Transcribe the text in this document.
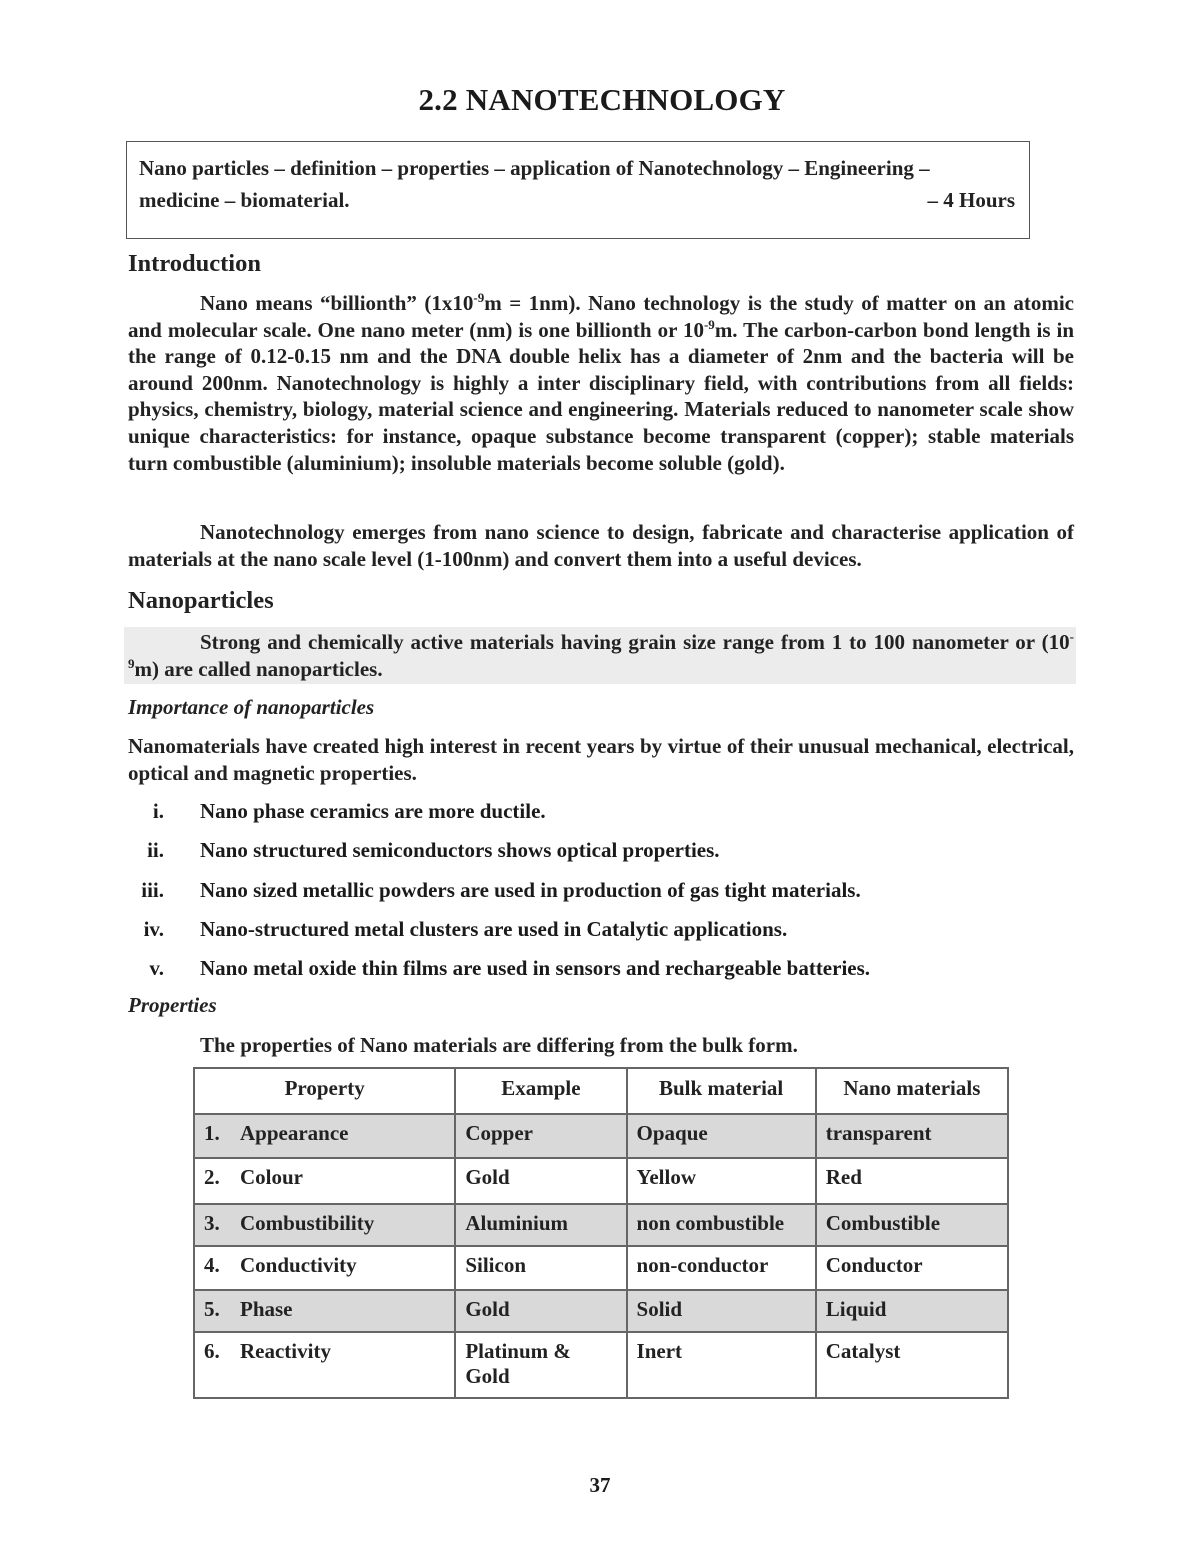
2.2 NANOTECHNOLOGY
Nano particles – definition – properties – application of Nanotechnology – Engineering – medicine – biomaterial.	– 4 Hours
Introduction

Nano means “billionth” $(1x10^{-9}m = 1nm)$. Nano technology is the study of matter on an atomic and molecular scale. One nano meter (nm) is one billionth or $10^{-9}m$. The carbon-carbon bond length is in the range of 0.12-0.15 nm and the DNA double helix has a diameter of 2nm and the bacteria will be around 200nm. Nanotechnology is highly a inter disciplinary field, with contributions from all fields: physics, chemistry, biology, material science and engineering. Materials reduced to nanometer scale show unique characteristics: for instance, opaque substance become transparent (copper); stable materials turn combustible (aluminium); insoluble materials become soluble (gold).

Nanotechnology emerges from nano science to design, fabricate and characterise application of materials at the nano scale level (1-100nm) and convert them into a useful devices.

Nanoparticles

Strong and chemically active materials having grain size range from 1 to 100 nanometer or $(10^{-9}m)$ are called nanoparticles.

Importance of nanoparticles

Nanomaterials have created high interest in recent years by virtue of their unusual mechanical, electrical, optical and magnetic properties.

i. Nano phase ceramics are more ductile.
ii. Nano structured semiconductors shows optical properties.
iii. Nano sized metallic powders are used in production of gas tight materials.
iv. Nano-structured metal clusters are used in Catalytic applications.
v. Nano metal oxide thin films are used in sensors and rechargeable batteries.
Properties

The properties of Nano materials are differing from the bulk form.

Property	Example	Bulk material	Nano materials
1. Appearance	Copper	Opaque	transparent
2. Colour	Gold	Yellow	Red
3. Combustibility	Aluminium	non combustible	Combustible
4. Conductivity	Silicon	non-conductor	Conductor
5. Phase	Gold	Solid	Liquid
6. Reactivity	Platinum & Gold	Inert	Catalyst
37
